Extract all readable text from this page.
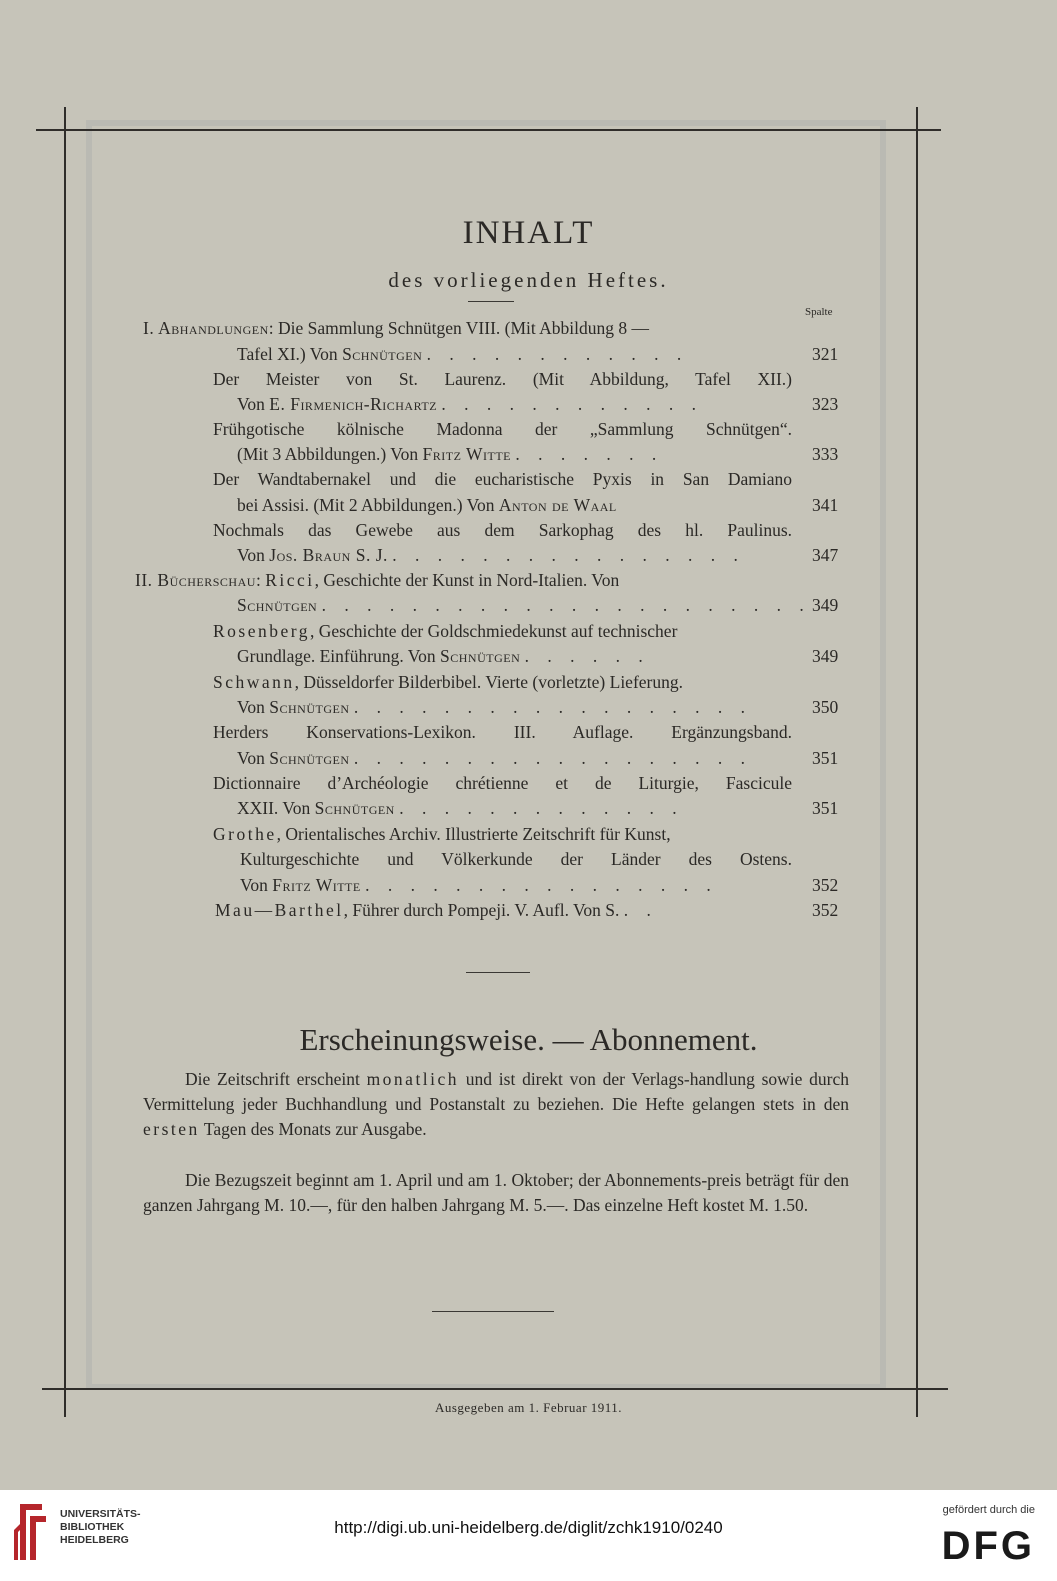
INHALT
des vorliegenden Heftes.
Spalte
I. Abhandlungen: Die Sammlung Schnütgen VIII. (Mit Abbildung 8 —
Tafel XI.) Von Schnütgen . . . . . . . . . . . .	321
Der Meister von St. Laurenz. (Mit Abbildung, Tafel XII.)
Von E. Firmenich-Richartz . . . . . . . . . . . .	323
Frühgotische kölnische Madonna der „Sammlung Schnütgen“.
(Mit 3 Abbildungen.) Von Fritz Witte . . . . . . .	333
Der Wandtabernakel und die eucharistische Pyxis in San Damiano
bei Assisi. (Mit 2 Abbildungen.) Von Anton de Waal	341
Nochmals das Gewebe aus dem Sarkophag des hl. Paulinus.
Von Jos. Braun S. J. . . . . . . . . . . . . . . . .	347
II. Bücherschau: Ricci, Geschichte der Kunst in Nord-Italien. Von
Schnütgen . . . . . . . . . . . . . . . . . . . . . . 349
Rosenberg, Geschichte der Goldschmiedekunst auf technischer
Grundlage. Einführung. Von Schnütgen . . . . . .	349
Schwann, Düsseldorfer Bilderbibel. Vierte (vorletzte) Lieferung.
Von Schnütgen . . . . . . . . . . . . . . . . . .	350
Herders Konservations-Lexikon. III. Auflage. Ergänzungsband.
Von Schnütgen . . . . . . . . . . . . . . . . . .	351
Dictionnaire d’Archéologie chrétienne et de Liturgie, Fascicule
XXII. Von Schnütgen . . . . . . . . . . . . .	351
Grothe, Orientalisches Archiv. Illustrierte Zeitschrift für Kunst,
Kulturgeschichte und Völkerkunde der Länder des Ostens.
Von Fritz Witte . . . . . . . . . . . . . . . .	352
Mau—Barthel, Führer durch Pompeji. V. Aufl. Von S. . .	352
Erscheinungsweise. — Abonnement.
Die Zeitschrift erscheint monatlich und ist direkt von der Verlags-handlung sowie durch Vermittelung jeder Buchhandlung und Postanstalt zu beziehen. Die Hefte gelangen stets in den ersten Tagen des Monats zur Ausgabe.
Die Bezugszeit beginnt am 1. April und am 1. Oktober; der Abonnements-preis beträgt für den ganzen Jahrgang M. 10.—, für den halben Jahrgang M. 5.—. Das einzelne Heft kostet M. 1.50.
Ausgegeben am 1. Februar 1911.
UNIVERSITÄTS-
BIBLIOTHEK
HEIDELBERG
http://digi.ub.uni-heidelberg.de/diglit/zchk1910/0240
gefördert durch die
DFG
